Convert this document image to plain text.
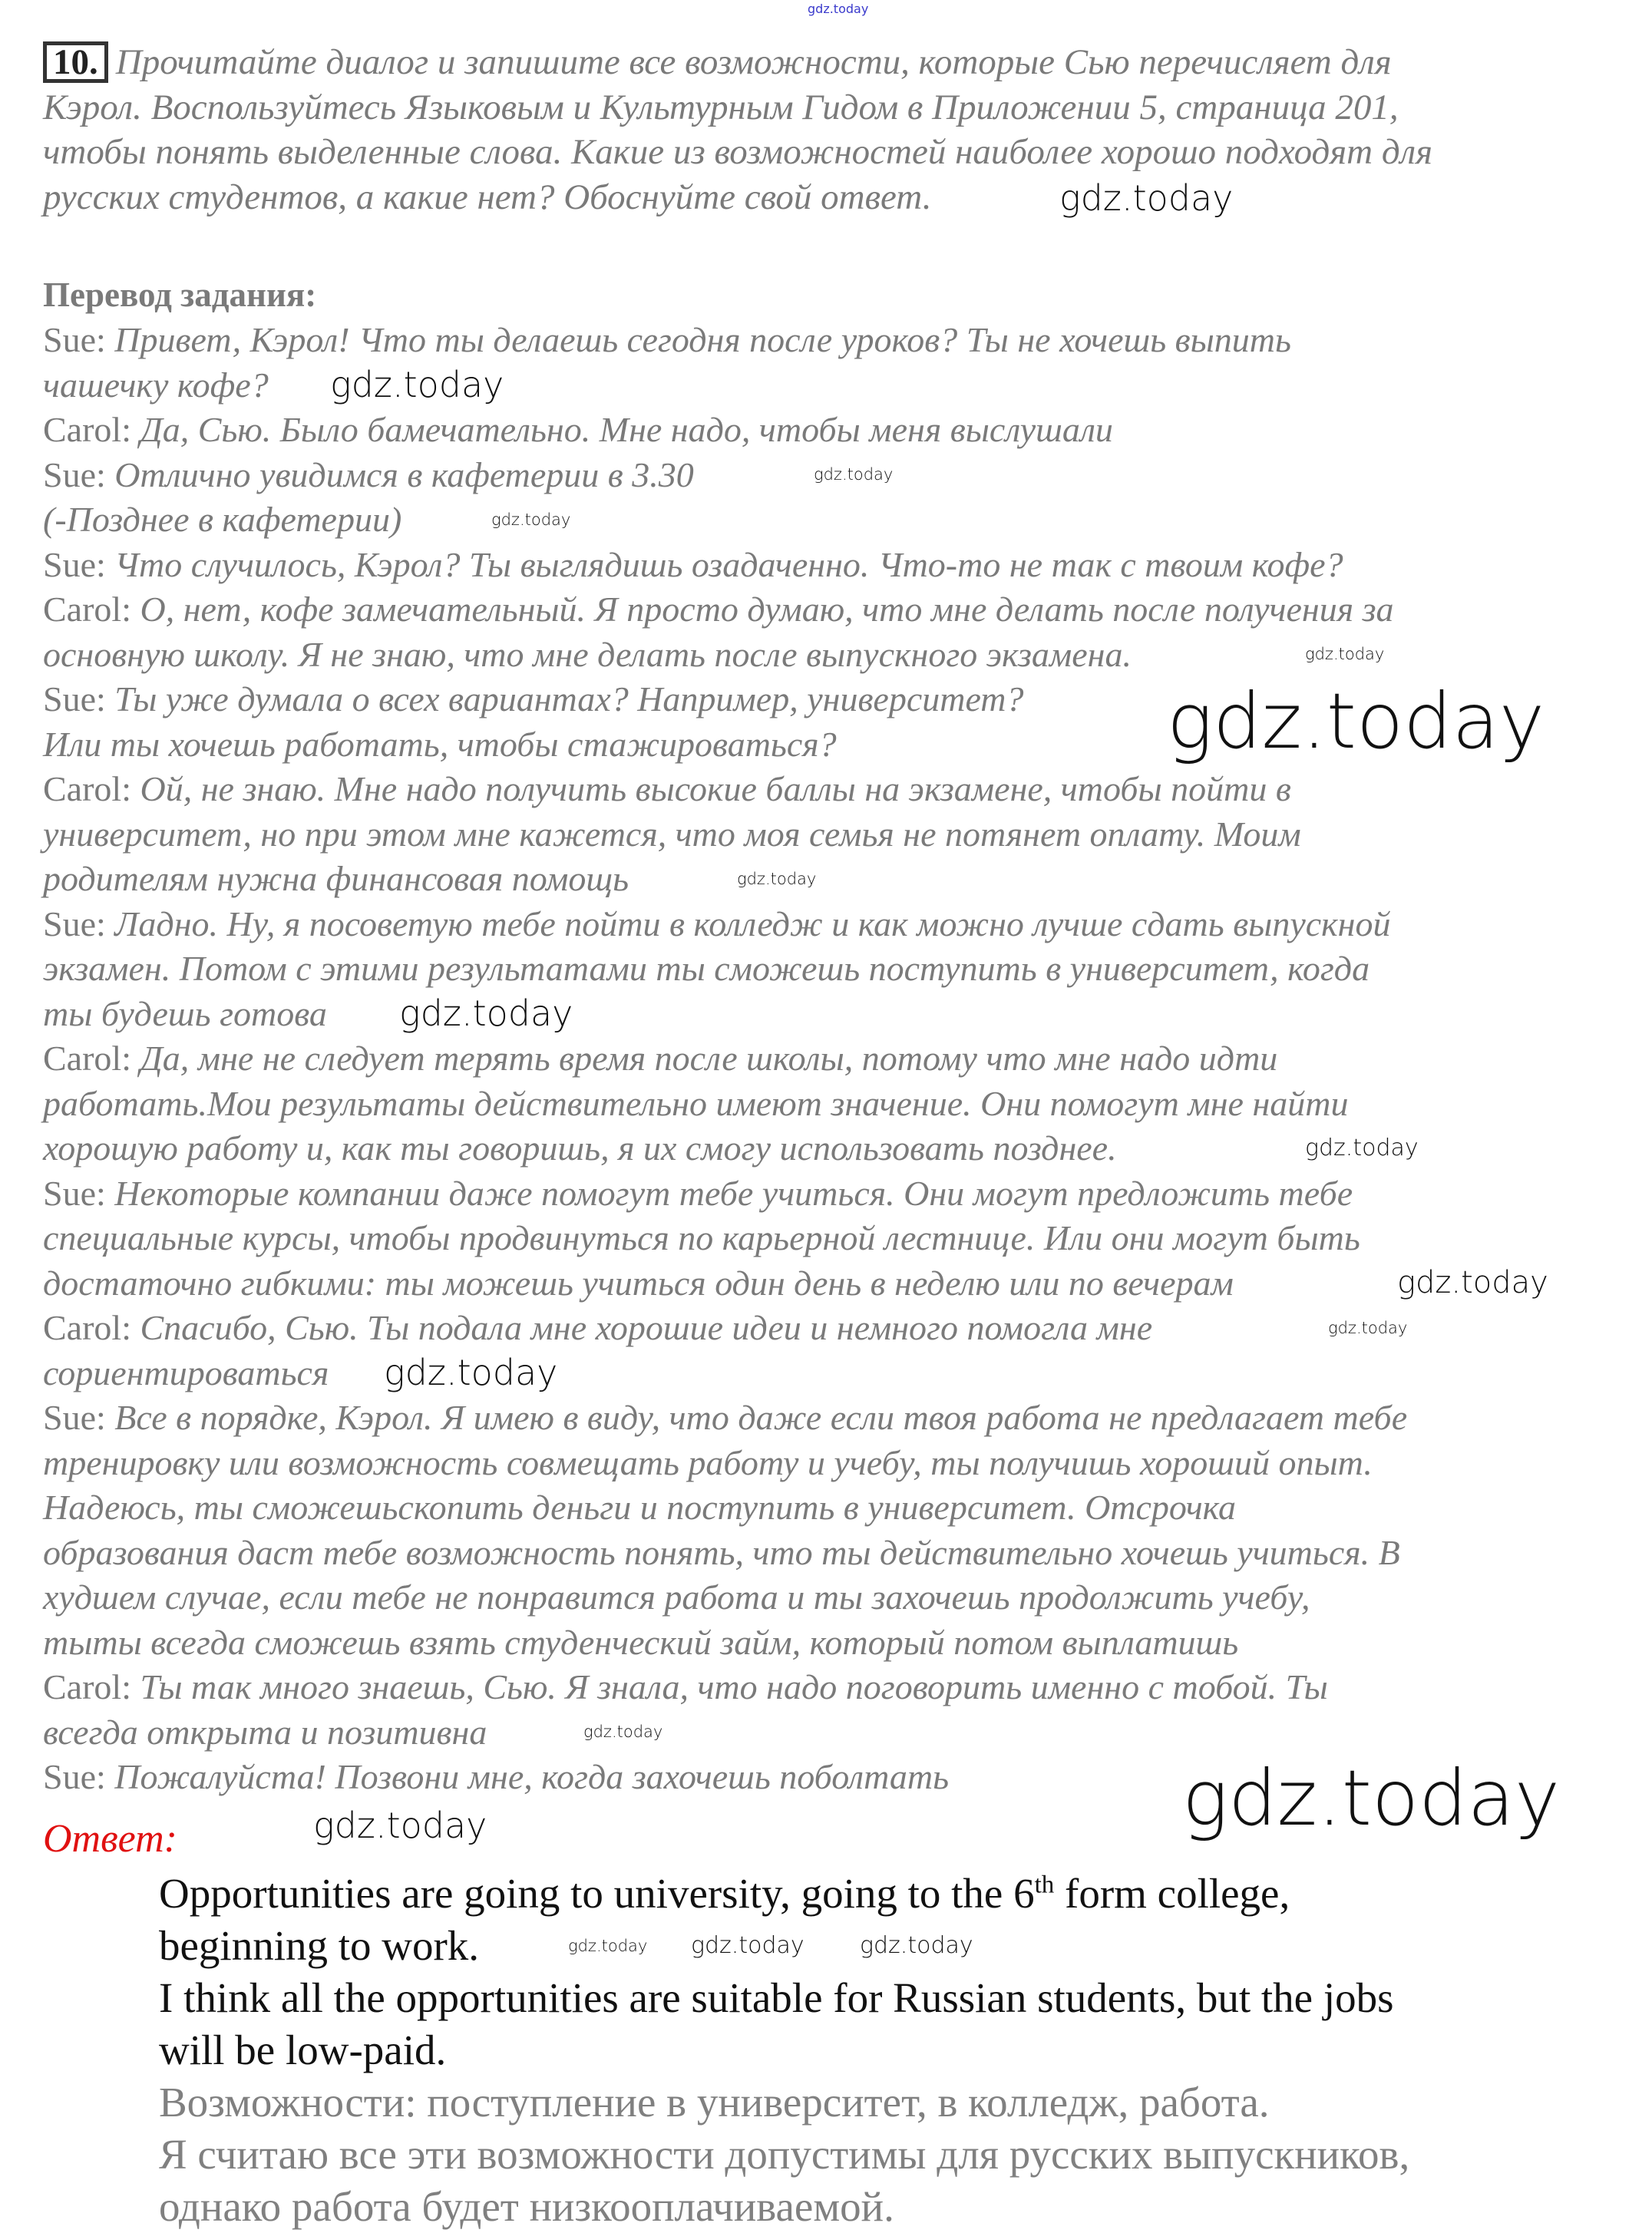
gdz.today
10. Прочитайте диалог и запишите все возможности, которые Сью перечисляет для
Кэрол. Воспользуйтесь Языковым и Культурным Гидом в Приложении 5, страница 201,
чтобы понять выделенные слова. Какие из возможностей наиболее хорошо подходят для
русских студентов, а какие нет? Обоснуйте свой ответ.
Перевод задания:
Sue: Привет, Кэрол! Что ты делаешь сегодня после уроков? Ты не хочешь выпить
чашечку кофе?
Carol: Да, Сью. Было бамечательно. Мне надо, чтобы меня выслушали
Sue: Отлично увидимся в кафетерии в 3.30
(-Позднее в кафетерии)
Sue: Что случилось, Кэрол? Ты выглядишь озадаченно. Что-то не так с твоим кофе?
Carol: О, нет, кофе замечательный. Я просто думаю, что мне делать после получения за
основную школу. Я не знаю, что мне делать после выпускного экзамена.
Sue: Ты уже думала о всех вариантах? Например, университет?
Или ты хочешь работать, чтобы стажироваться?
Carol: Ой, не знаю. Мне надо получить высокие баллы на экзамене, чтобы пойти в
университет, но при этом мне кажется, что моя семья не потянет оплату. Моим
родителям нужна финансовая помощь
Sue: Ладно. Ну, я посоветую тебе пойти в колледж и как можно лучше сдать выпускной
экзамен. Потом с этими результатами ты сможешь поступить в университет, когда
ты будешь готова
Carol: Да, мне не следует терять время после школы, потому что мне надо идти
работать.Мои результаты действительно имеют значение. Они помогут мне найти
хорошую работу и, как ты говоришь, я их смогу использовать позднее.
Sue: Некоторые компании даже помогут тебе учиться. Они могут предложить тебе
специальные курсы, чтобы продвинуться по карьерной лестнице. Или они могут быть
достаточно гибкими: ты можешь учиться один день в неделю или по вечерам
Carol: Спасибо, Сью. Ты подала мне хорошие идеи и немного помогла мне
сориентироваться
Sue: Все в порядке, Кэрол. Я имею в виду, что даже если твоя работа не предлагает тебе
тренировку или возможность совмещать работу и учебу, ты получишь хороший опыт.
Надеюсь, ты сможешьскопить деньги и поступить в университет. Отсрочка
образования даст тебе возможность понять, что ты действительно хочешь учиться. В
худшем случае, если тебе не понравится работа и ты захочешь продолжить учебу,
тыты всегда сможешь взять студенческий займ, который потом выплатишь
Carol: Ты так много знаешь, Сью. Я знала, что надо поговорить именно с тобой. Ты
всегда открыта и позитивна
Sue: Пожалуйста! Позвони мне, когда захочешь поболтать
Ответ:
Opportunities are going to university, going to the 6th form college,
beginning to work.
I think all the opportunities are suitable for Russian students, but the jobs
will be low-paid.
Возможности: поступление в университет, в колледж, работа.
Я считаю все эти возможности допустимы для русских выпускников,
однако работа будет низкооплачиваемой.
gdz.today
gdz.today
gdz.today
gdz.today
gdz.today
gdz.today
gdz.today
gdz.today
gdz.today
gdz.today
gdz.today
gdz.today
gdz.today
gdz.today
gdz.today
gdz.today gdz.today gdz.today
